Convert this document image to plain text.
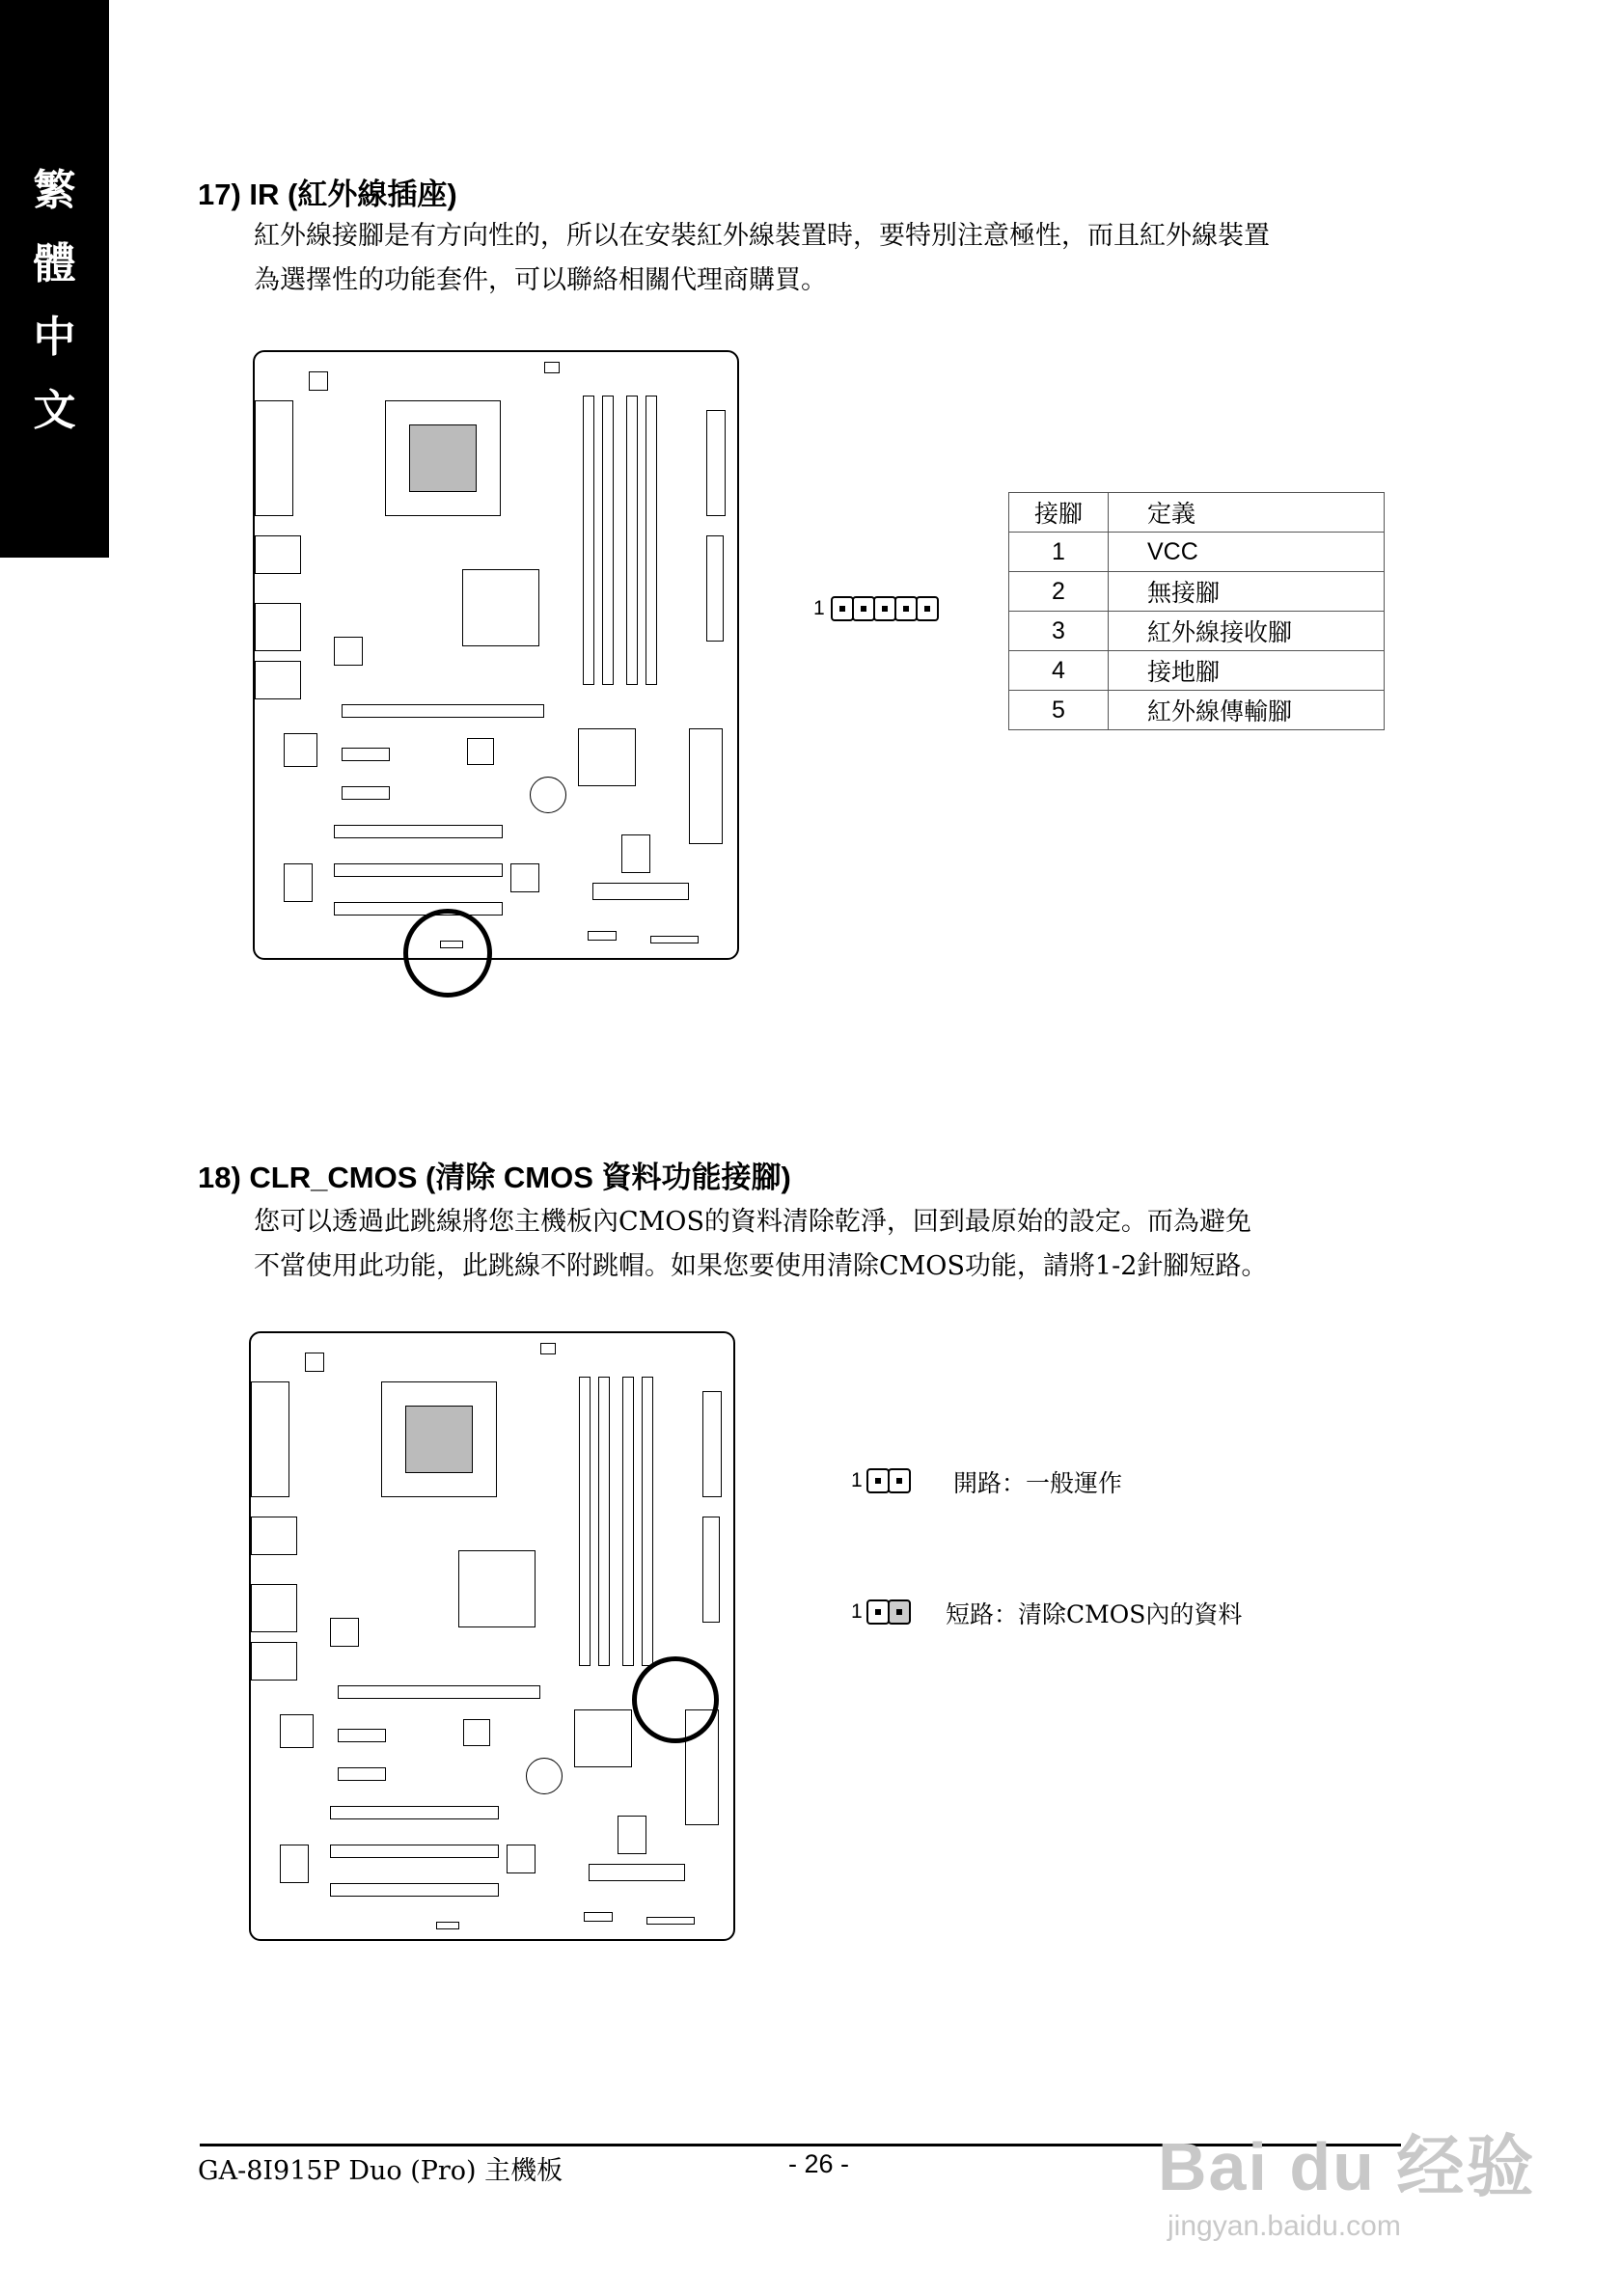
繁
體
中
文
17) IR (紅外線插座)
紅外線接腳是有方向性的，所以在安裝紅外線裝置時，要特別注意極性，而且紅外線裝置
為選擇性的功能套件，可以聯絡相關代理商購買。
1
接腳	定義
1	VCC
2	無接腳
3	紅外線接收腳
4	接地腳
5	紅外線傳輸腳
18) CLR_CMOS (清除 CMOS 資料功能接腳)
您可以透過此跳線將您主機板內CMOS的資料清除乾淨，回到最原始的設定。而為避免
不當使用此功能，此跳線不附跳帽。如果您要使用清除CMOS功能，請將1-2針腳短路。
1	開路：一般運作
1	短路：清除CMOS內的資料
GA-8I915P Duo (Pro) 主機板	- 26 -	Bai du 经验
jingyan.baidu.com
